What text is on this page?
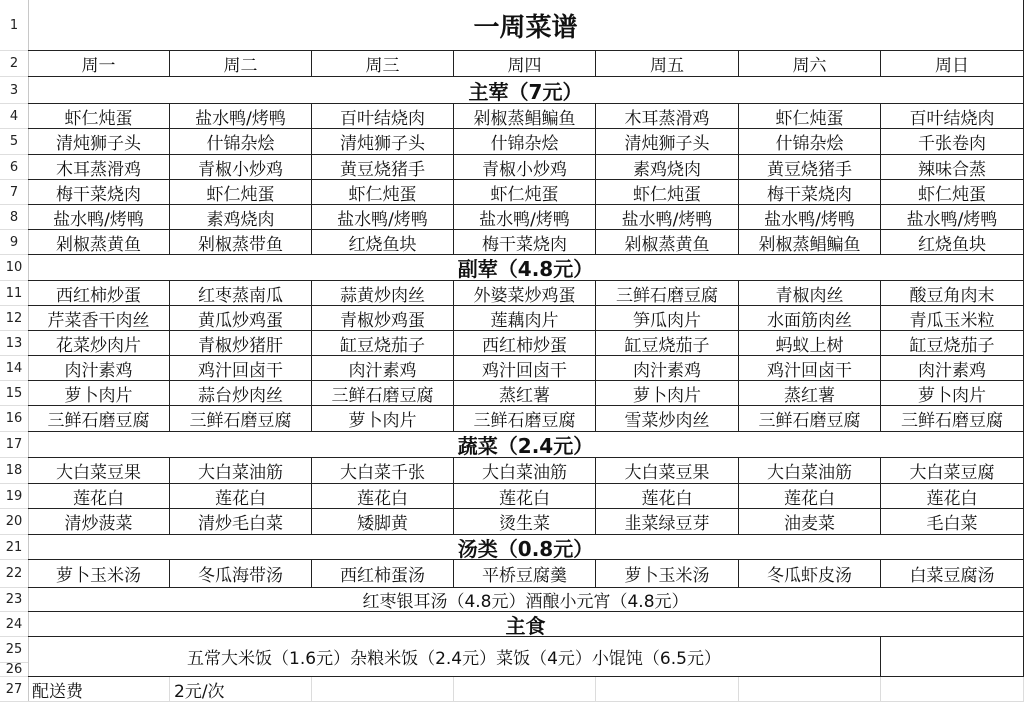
1
2
3
4
5
6
7
8
9
10
11
12
13
14
15
16
17
18
19
20
21
22
23
24
25
26
27
一周菜谱
周一	周二	周三	周四	周五	周六	周日
主荤（7元）
虾仁炖蛋	盐水鸭/烤鸭	百叶结烧肉	剁椒蒸鲳鳊鱼	木耳蒸滑鸡	虾仁炖蛋	百叶结烧肉
清炖狮子头	什锦杂烩	清炖狮子头	什锦杂烩	清炖狮子头	什锦杂烩	千张卷肉
木耳蒸滑鸡	青椒小炒鸡	黄豆烧猪手	青椒小炒鸡	素鸡烧肉	黄豆烧猪手	辣味合蒸
梅干菜烧肉	虾仁炖蛋	虾仁炖蛋	虾仁炖蛋	虾仁炖蛋	梅干菜烧肉	虾仁炖蛋
盐水鸭/烤鸭	素鸡烧肉	盐水鸭/烤鸭	盐水鸭/烤鸭	盐水鸭/烤鸭	盐水鸭/烤鸭	盐水鸭/烤鸭
剁椒蒸黄鱼	剁椒蒸带鱼	红烧鱼块	梅干菜烧肉	剁椒蒸黄鱼	剁椒蒸鲳鳊鱼	红烧鱼块
副荤（4.8元）
西红柿炒蛋	红枣蒸南瓜	蒜黄炒肉丝	外婆菜炒鸡蛋	三鲜石磨豆腐	青椒肉丝	酸豆角肉末
芹菜香干肉丝	黄瓜炒鸡蛋	青椒炒鸡蛋	莲藕肉片	笋瓜肉片	水面筋肉丝	青瓜玉米粒
花菜炒肉片	青椒炒猪肝	缸豆烧茄子	西红柿炒蛋	缸豆烧茄子	蚂蚁上树	缸豆烧茄子
肉汁素鸡	鸡汁回卤干	肉汁素鸡	鸡汁回卤干	肉汁素鸡	鸡汁回卤干	肉汁素鸡
萝卜肉片	蒜台炒肉丝	三鲜石磨豆腐	蒸红薯	萝卜肉片	蒸红薯	萝卜肉片
三鲜石磨豆腐	三鲜石磨豆腐	萝卜肉片	三鲜石磨豆腐	雪菜炒肉丝	三鲜石磨豆腐	三鲜石磨豆腐
蔬菜（2.4元）
大白菜豆果	大白菜油筋	大白菜千张	大白菜油筋	大白菜豆果	大白菜油筋	大白菜豆腐
莲花白	莲花白	莲花白	莲花白	莲花白	莲花白	莲花白
清炒菠菜	清炒毛白菜	矮脚黄	烫生菜	韭菜绿豆芽	油麦菜	毛白菜
汤类（0.8元）
萝卜玉米汤	冬瓜海带汤	西红柿蛋汤	平桥豆腐羹	萝卜玉米汤	冬瓜虾皮汤	白菜豆腐汤
红枣银耳汤（4.8元）酒酿小元宵（4.8元）
主食
五常大米饭（1.6元）杂粮米饭（2.4元）菜饭（4元）小馄饨（6.5元）
配送费	2元/次
